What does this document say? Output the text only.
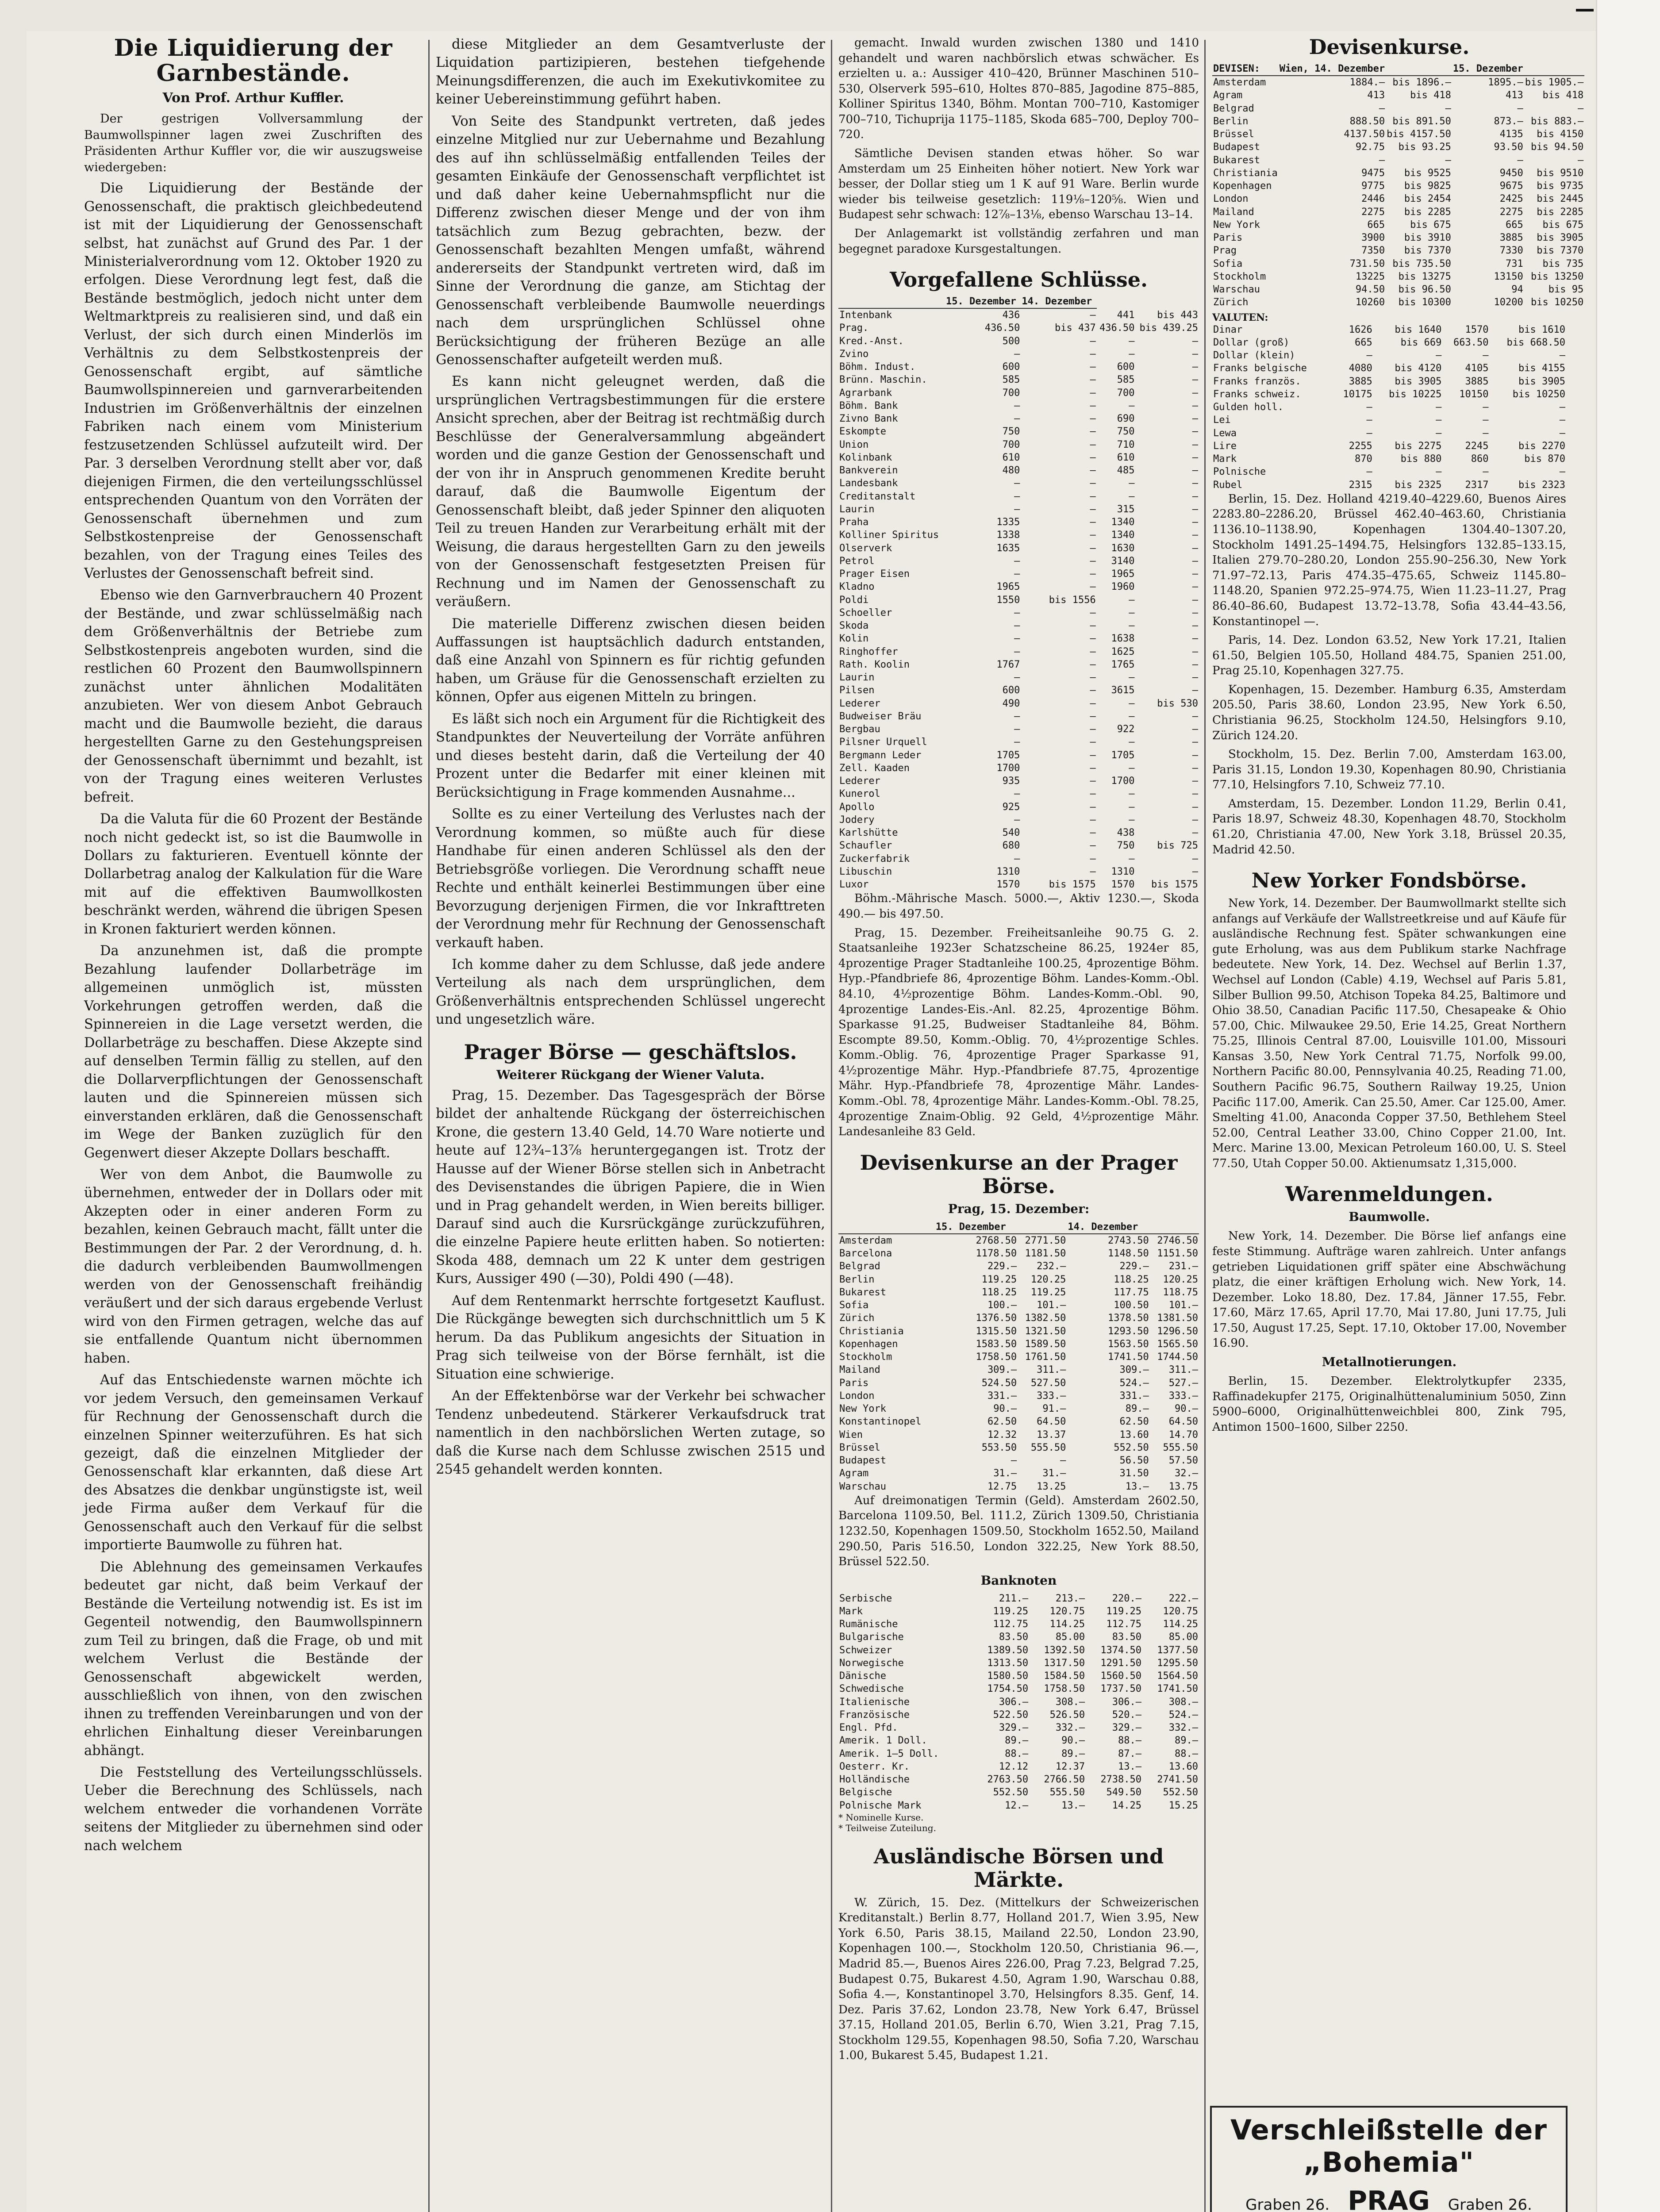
Die Liquidierung der Garnbestände.
Von Prof. Arthur Kuffler.

Der gestrigen Vollversammlung der Baumwollspinner lagen zwei Zuschriften des Präsidenten Arthur Kuffler vor, die wir auszugsweise wiedergeben:

Die Liquidierung der Bestände der Genossenschaft, die praktisch gleichbedeutend ist mit der Liquidierung der Genossenschaft selbst, hat zunächst auf Grund des Par. 1 der Ministerialverordnung vom 12. Oktober 1920 zu erfolgen. Diese Verordnung legt fest, daß die Bestände bestmöglich, jedoch nicht unter dem Weltmarktpreis zu realisieren sind, und daß ein Verlust, der sich durch einen Minderlös im Verhältnis zu dem Selbstkostenpreis der Genossenschaft ergibt, auf sämtliche Baumwollspinnereien und garnverarbeitenden Industrien im Größenverhältnis der einzelnen Fabriken nach einem vom Ministerium festzusetzenden Schlüssel aufzuteilt wird. Der Par. 3 derselben Verordnung stellt aber vor, daß diejenigen Firmen, die den verteilungsschlüssel entsprechenden Quantum von den Vorräten der Genossenschaft übernehmen und zum Selbstkostenpreise der Genossenschaft bezahlen, von der Tragung eines Teiles des Verlustes der Genossenschaft befreit sind.

Ebenso wie den Garnverbrauchern 40 Prozent der Bestände, und zwar schlüsselmäßig nach dem Größenverhältnis der Betriebe zum Selbstkostenpreis angeboten wurden, sind die restlichen 60 Prozent den Baumwollspinnern zunächst unter ähnlichen Modalitäten anzubieten. Wer von diesem Anbot Gebrauch macht und die Baumwolle bezieht, die daraus hergestellten Garne zu den Gestehungspreisen der Genossenschaft übernimmt und bezahlt, ist von der Tragung eines weiteren Verlustes befreit.

Da die Valuta für die 60 Prozent der Bestände noch nicht gedeckt ist, so ist die Baumwolle in Dollars zu fakturieren. Eventuell könnte der Dollarbetrag analog der Kalkulation für die Ware mit auf die effektiven Baumwollkosten beschränkt werden, während die übrigen Spesen in Kronen fakturiert werden können.

Da anzunehmen ist, daß die prompte Bezahlung laufender Dollarbeträge im allgemeinen unmöglich ist, müssten Vorkehrungen getroffen werden, daß die Spinnereien in die Lage versetzt werden, die Dollarbeträge zu beschaffen. Diese Akzepte sind auf denselben Termin fällig zu stellen, auf den die Dollarverpflichtungen der Genossenschaft lauten und die Spinnereien müssen sich einverstanden erklären, daß die Genossenschaft im Wege der Banken zuzüglich für den Gegenwert dieser Akzepte Dollars beschafft.

Wer von dem Anbot, die Baumwolle zu übernehmen, entweder der in Dollars oder mit Akzepten oder in einer anderen Form zu bezahlen, keinen Gebrauch macht, fällt unter die Bestimmungen der Par. 2 der Verordnung, d. h. die dadurch verbleibenden Baumwollmengen werden von der Genossenschaft freihändig veräußert und der sich daraus ergebende Verlust wird von den Firmen getragen, welche das auf sie entfallende Quantum nicht übernommen haben.

Auf das Entschiedenste warnen möchte ich vor jedem Versuch, den gemeinsamen Verkauf für Rechnung der Genossenschaft durch die einzelnen Spinner weiterzuführen. Es hat sich gezeigt, daß die einzelnen Mitglieder der Genossenschaft klar erkannten, daß diese Art des Absatzes die denkbar ungünstigste ist, weil jede Firma außer dem Verkauf für die Genossenschaft auch den Verkauf für die selbst importierte Baumwolle zu führen hat.

Die Ablehnung des gemeinsamen Verkaufes bedeutet gar nicht, daß beim Verkauf der Bestände die Verteilung notwendig ist. Es ist im Gegenteil notwendig, den Baumwollspinnern zum Teil zu bringen, daß die Frage, ob und mit welchem Verlust die Bestände der Genossenschaft abgewickelt werden, ausschließlich von ihnen, von den zwischen ihnen zu treffenden Vereinbarungen und von der ehrlichen Einhaltung dieser Vereinbarungen abhängt.

Die Feststellung des Verteilungsschlüssels. Ueber die Berechnung des Schlüssels, nach welchem entweder die vorhandenen Vorräte seitens der Mitglieder zu übernehmen sind oder nach welchem

diese Mitglieder an dem Gesamtverluste der Liquidation partizipieren, bestehen tiefgehende Meinungsdifferenzen, die auch im Exekutivkomitee zu keiner Uebereinstimmung geführt haben.

Von Seite des Standpunkt vertreten, daß jedes einzelne Mitglied nur zur Uebernahme und Bezahlung des auf ihn schlüsselmäßig entfallenden Teiles der gesamten Einkäufe der Genossenschaft verpflichtet ist und daß daher keine Uebernahmspflicht nur die Differenz zwischen dieser Menge und der von ihm tatsächlich zum Bezug gebrachten, bezw. der Genossenschaft bezahlten Mengen umfaßt, während andererseits der Standpunkt vertreten wird, daß im Sinne der Verordnung die ganze, am Stichtag der Genossenschaft verbleibende Baumwolle neuerdings nach dem ursprünglichen Schlüssel ohne Berücksichtigung der früheren Bezüge an alle Genossenschafter aufgeteilt werden muß.

Es kann nicht geleugnet werden, daß die ursprünglichen Vertragsbestimmungen für die erstere Ansicht sprechen, aber der Beitrag ist rechtmäßig durch Beschlüsse der Generalversammlung abgeändert worden und die ganze Gestion der Genossenschaft und der von ihr in Anspruch genommenen Kredite beruht darauf, daß die Baumwolle Eigentum der Genossenschaft bleibt, daß jeder Spinner den aliquoten Teil zu treuen Handen zur Verarbeitung erhält mit der Weisung, die daraus hergestellten Garn zu den jeweils von der Genossenschaft festgesetzten Preisen für Rechnung und im Namen der Genossenschaft zu veräußern.

Die materielle Differenz zwischen diesen beiden Auffassungen ist hauptsächlich dadurch entstanden, daß eine Anzahl von Spinnern es für richtig gefunden haben, um Gräuse für die Genossenschaft erzielten zu können, Opfer aus eigenen Mitteln zu bringen.

Es läßt sich noch ein Argument für die Richtigkeit des Standpunktes der Neuverteilung der Vorräte anführen und dieses besteht darin, daß die Verteilung der 40 Prozent unter die Bedarfer mit einer kleinen mit Berücksichtigung in Frage kommenden Ausnahme...

Sollte es zu einer Verteilung des Verlustes nach der Verordnung kommen, so müßte auch für diese Handhabe für einen anderen Schlüssel als den der Betriebsgröße vorliegen. Die Verordnung schafft neue Rechte und enthält keinerlei Bestimmungen über eine Bevorzugung derjenigen Firmen, die vor Inkrafttreten der Verordnung mehr für Rechnung der Genossenschaft verkauft haben.

Ich komme daher zu dem Schlusse, daß jede andere Verteilung als nach dem ursprünglichen, dem Größenverhältnis entsprechenden Schlüssel ungerecht und ungesetzlich wäre.

Prager Börse — geschäftslos.
Weiterer Rückgang der Wiener Valuta.

Prag, 15. Dezember. Das Tagesgespräch der Börse bildet der anhaltende Rückgang der österreichischen Krone, die gestern 13.40 Geld, 14.70 Ware notierte und heute auf 12¾–13⅞ heruntergegangen ist. Trotz der Hausse auf der Wiener Börse stellen sich in Anbetracht des Devisenstandes die übrigen Papiere, die in Wien und in Prag gehandelt werden, in Wien bereits billiger. Darauf sind auch die Kursrückgänge zurückzuführen, die einzelne Papiere heute erlitten haben. So notierten: Skoda 488, demnach um 22 K unter dem gestrigen Kurs, Aussiger 490 (—30), Poldi 490 (—48).

Auf dem Rentenmarkt herrschte fortgesetzt Kauflust. Die Rückgänge bewegten sich durchschnittlich um 5 K herum. Da das Publikum angesichts der Situation in Prag sich teilweise von der Börse fernhält, ist die Situation eine schwierige.

An der Effektenbörse war der Verkehr bei schwacher Tendenz unbedeutend. Stärkerer Verkaufsdruck trat namentlich in den nachbörslichen Werten zutage, so daß die Kurse nach dem Schlusse zwischen 2515 und 2545 gehandelt werden konnten.

gemacht. Inwald wurden zwischen 1380 und 1410 gehandelt und waren nachbörslich etwas schwächer. Es erzielten u. a.: Aussiger 410–420, Brünner Maschinen 510–530, Olserverk 595–610, Holtes 870–885, Jagodine 875–885, Kolliner Spiritus 1340, Böhm. Montan 700–710, Kastomiger 700–710, Tichuprija 1175–1185, Skoda 685–700, Deploy 700–720.

Sämtliche Devisen standen etwas höher. So war Amsterdam um 25 Einheiten höher notiert. New York war besser, der Dollar stieg um 1 K auf 91 Ware. Berlin wurde wieder bis teilweise gesetzlich: 119⅛–120⅝. Wien und Budapest sehr schwach: 12⅞–13⅛, ebenso Warschau 13–14.

Der Anlagemarkt ist vollständig zerfahren und man begegnet paradoxe Kursgestaltungen.

Vorgefallene Schlüsse.
	15. Dezember	14. Dezember		
Intenbank	436	—	441	bis 443
Prag.	436.50	bis 437	436.50	bis 439.25
Kred.-Anst.	500	—	—	—
Zvino	—	—	—	—
Böhm. Indust.	600	—	600	—
Brünn. Maschin.	585	—	585	—
Agrarbank	700	—	700	—
Böhm. Bank	—	—	—	—
Zivno Bank	—	—	690	—
Eskompte	750	—	750	—
Union	700	—	710	—
Kolinbank	610	—	610	—
Bankverein	480	—	485	—
Landesbank	—	—	—	—
Creditanstalt	—	—	—	—
Laurin	—	—	315	—
Praha	1335	—	1340	—
Kolliner Spiritus	1338	—	1340	—
Olserverk	1635	—	1630	—
Petrol	—	—	3140	—
Prager Eisen	—	—	1965	—
Kladno	1965	—	1960	—
Poldi	1550	bis 1556	—	—
Schoeller	—	—	—	—
Skoda	—	—	—	—
Kolin	—	—	1638	—
Ringhoffer	—	—	1625	—
Rath. Koolin	1767	—	1765	—
Laurin	—	—	—	—
Pilsen	600	—	3615	—
Lederer	490	—	—	bis 530
Budweiser Bräu	—	—	—	—
Bergbau	—	—	922	—
Pilsner Urquell	—	—	—	—
Bergmann Leder	1705	—	1705	—
Zell. Kaaden	1700	—	—	—
Lederer	935	—	1700	—
Kunerol	—	—	—	—
Apollo	925	—	—	—
Jodery	—	—	—	—
Karlshütte	540	—	438	—
Schaufler	680	—	750	bis 725
Zuckerfabrik	—	—	—	—
Libuschin	1310	—	1310	—
Luxor	1570	bis 1575	1570	bis 1575

Böhm.-Mährische Masch. 5000.—, Aktiv 1230.—, Skoda 490.— bis 497.50.

Prag, 15. Dezember. Freiheitsanleihe 90.75 G. 2. Staatsanleihe 1923er Schatzscheine 86.25, 1924er 85, 4prozentige Prager Stadtanleihe 100.25, 4prozentige Böhm. Hyp.-Pfandbriefe 86, 4prozentige Böhm. Landes-Komm.-Obl. 84.10, 4½prozentige Böhm. Landes-Komm.-Obl. 90, 4prozentige Landes-Eis.-Anl. 82.25, 4prozentige Böhm. Sparkasse 91.25, Budweiser Stadtanleihe 84, Böhm. Escompte 89.50, Komm.-Oblig. 70, 4½prozentige Schles. Komm.-Oblig. 76, 4prozentige Prager Sparkasse 91, 4½prozentige Mähr. Hyp.-Pfandbriefe 87.75, 4prozentige Mähr. Hyp.-Pfandbriefe 78, 4prozentige Mähr. Landes-Komm.-Obl. 78, 4prozentige Mähr. Landes-Komm.-Obl. 78.25, 4prozentige Znaim-Oblig. 92 Geld, 4½prozentige Mähr. Landesanleihe 83 Geld.

Devisenkurse an der Prager Börse.
Prag, 15. Dezember:
	15. Dezember		14. Dezember	
Amsterdam	2768.50	2771.50	2743.50	2746.50
Barcelona	1178.50	1181.50	1148.50	1151.50
Belgrad	229.—	232.—	229.—	231.—
Berlin	119.25	120.25	118.25	120.25
Bukarest	118.25	119.25	117.75	118.75
Sofia	100.—	101.—	100.50	101.—
Zürich	1376.50	1382.50	1378.50	1381.50
Christiania	1315.50	1321.50	1293.50	1296.50
Kopenhagen	1583.50	1589.50	1563.50	1565.50
Stockholm	1758.50	1761.50	1741.50	1744.50
Mailand	309.—	311.—	309.—	311.—
Paris	524.50	527.50	524.—	527.—
London	331.—	333.—	331.—	333.—
New York	90.—	91.—	89.—	90.—
Konstantinopel	62.50	64.50	62.50	64.50
Wien	12.32	13.37	13.60	14.70
Brüssel	553.50	555.50	552.50	555.50
Budapest	—	—	56.50	57.50
Agram	31.—	31.—	31.50	32.—
Warschau	12.75	13.25	13.—	13.75

Auf dreimonatigen Termin (Geld). Amsterdam 2602.50, Barcelona 1109.50, Bel. 111.2, Zürich 1309.50, Christiania 1232.50, Kopenhagen 1509.50, Stockholm 1652.50, Mailand 290.50, Paris 516.50, London 322.25, New York 88.50, Brüssel 522.50.

Banknoten
Serbische	211.—	213.—	220.—	222.—
Mark	119.25	120.75	119.25	120.75
Rumänische	112.75	114.25	112.75	114.25
Bulgarische	83.50	85.00	83.50	85.00
Schweizer	1389.50	1392.50	1374.50	1377.50
Norwegische	1313.50	1317.50	1291.50	1295.50
Dänische	1580.50	1584.50	1560.50	1564.50
Schwedische	1754.50	1758.50	1737.50	1741.50
Italienische	306.—	308.—	306.—	308.—
Französische	522.50	526.50	520.—	524.—
Engl. Pfd.	329.—	332.—	329.—	332.—
Amerik. 1 Doll.	89.—	90.—	88.—	89.—
Amerik. 1–5 Doll.	88.—	89.—	87.—	88.—
Oesterr. Kr.	12.12	12.37	13.—	13.60
Holländische	2763.50	2766.50	2738.50	2741.50
Belgische	552.50	555.50	549.50	552.50
Polnische Mark	12.—	13.—	14.25	15.25
* Nominelle Kurse.
* Teilweise Zuteilung.
Ausländische Börsen und Märkte.

W. Zürich, 15. Dez. (Mittelkurs der Schweizerischen Kreditanstalt.) Berlin 8.77, Holland 201.7, Wien 3.95, New York 6.50, Paris 38.15, Mailand 22.50, London 23.90, Kopenhagen 100.—, Stockholm 120.50, Christiania 96.—, Madrid 85.—, Buenos Aires 226.00, Prag 7.23, Belgrad 7.25, Budapest 0.75, Bukarest 4.50, Agram 1.90, Warschau 0.88, Sofia 4.—, Konstantinopel 3.70, Helsingfors 8.35. Genf, 14. Dez. Paris 37.62, London 23.78, New York 6.47, Brüssel 37.15, Holland 201.05, Berlin 6.70, Wien 3.21, Prag 7.15, Stockholm 129.55, Kopenhagen 98.50, Sofia 7.20, Warschau 1.00, Bukarest 5.45, Budapest 1.21.

Devisenkurse.
DEVISEN:	Wien, 14. Dezember		15. Dezember	
Amsterdam	1884.—	bis 1896.—	1895.—	bis 1905.—
Agram	413	bis 418	413	bis 418
Belgrad	—	—	—	—
Berlin	888.50	bis 891.50	873.—	bis 883.—
Brüssel	4137.50	bis 4157.50	4135	bis 4150
Budapest	92.75	bis 93.25	93.50	bis 94.50
Bukarest	—	—	—	—
Christiania	9475	bis 9525	9450	bis 9510
Kopenhagen	9775	bis 9825	9675	bis 9735
London	2446	bis 2454	2425	bis 2445
Mailand	2275	bis 2285	2275	bis 2285
New York	665	bis 675	665	bis 675
Paris	3900	bis 3910	3885	bis 3905
Prag	7350	bis 7370	7330	bis 7370
Sofia	731.50	bis 735.50	731	bis 735
Stockholm	13225	bis 13275	13150	bis 13250
Warschau	94.50	bis 96.50	94	bis 95
Zürich	10260	bis 10300	10200	bis 10250
VALUTEN:
Dinar	1626	bis 1640	1570	bis 1610
Dollar (groß)	665	bis 669	663.50	bis 668.50
Dollar (klein)	—	—	—	—
Franks belgische	4080	bis 4120	4105	bis 4155
Franks französ.	3885	bis 3905	3885	bis 3905
Franks schweiz.	10175	bis 10225	10150	bis 10250
Gulden holl.	—	—	—	—
Lei	—	—	—	—
Lewa	—	—	—	—
Lire	2255	bis 2275	2245	bis 2270
Mark	870	bis 880	860	bis 870
Polnische	—	—	—	—
Rubel	2315	bis 2325	2317	bis 2323

Berlin, 15. Dez. Holland 4219.40–4229.60, Buenos Aires 2283.80–2286.20, Brüssel 462.40–463.60, Christiania 1136.10–1138.90, Kopenhagen 1304.40–1307.20, Stockholm 1491.25–1494.75, Helsingfors 132.85–133.15, Italien 279.70–280.20, London 255.90–256.30, New York 71.97–72.13, Paris 474.35–475.65, Schweiz 1145.80–1148.20, Spanien 972.25–974.75, Wien 11.23–11.27, Prag 86.40–86.60, Budapest 13.72–13.78, Sofia 43.44–43.56, Konstantinopel —.

Paris, 14. Dez. London 63.52, New York 17.21, Italien 61.50, Belgien 105.50, Holland 484.75, Spanien 251.00, Prag 25.10, Kopenhagen 327.75.

Kopenhagen, 15. Dezember. Hamburg 6.35, Amsterdam 205.50, Paris 38.60, London 23.95, New York 6.50, Christiania 96.25, Stockholm 124.50, Helsingfors 9.10, Zürich 124.20.

Stockholm, 15. Dez. Berlin 7.00, Amsterdam 163.00, Paris 31.15, London 19.30, Kopenhagen 80.90, Christiania 77.10, Helsingfors 7.10, Schweiz 77.10.

Amsterdam, 15. Dezember. London 11.29, Berlin 0.41, Paris 18.97, Schweiz 48.30, Kopenhagen 48.70, Stockholm 61.20, Christiania 47.00, New York 3.18, Brüssel 20.35, Madrid 42.50.

New Yorker Fondsbörse.

New York, 14. Dezember. Der Baumwollmarkt stellte sich anfangs auf Verkäufe der Wallstreetkreise und auf Käufe für ausländische Rechnung fest. Später schwankungen eine gute Erholung, was aus dem Publikum starke Nachfrage bedeutete. New York, 14. Dez. Wechsel auf Berlin 1.37, Wechsel auf London (Cable) 4.19, Wechsel auf Paris 5.81, Silber Bullion 99.50, Atchison Topeka 84.25, Baltimore und Ohio 38.50, Canadian Pacific 117.50, Chesapeake & Ohio 57.00, Chic. Milwaukee 29.50, Erie 14.25, Great Northern 75.25, Illinois Central 87.00, Louisville 101.00, Missouri Kansas 3.50, New York Central 71.75, Norfolk 99.00, Northern Pacific 80.00, Pennsylvania 40.25, Reading 71.00, Southern Pacific 96.75, Southern Railway 19.25, Union Pacific 117.00, Amerik. Can 25.50, Amer. Car 125.00, Amer. Smelting 41.00, Anaconda Copper 37.50, Bethlehem Steel 52.00, Central Leather 33.00, Chino Copper 21.00, Int. Merc. Marine 13.00, Mexican Petroleum 160.00, U. S. Steel 77.50, Utah Copper 50.00. Aktienumsatz 1,315,000.

Warenmeldungen.
Baumwolle.

New York, 14. Dezember. Die Börse lief anfangs eine feste Stimmung. Aufträge waren zahlreich. Unter anfangs getrieben Liquidationen griff später eine Abschwächung platz, die einer kräftigen Erholung wich. New York, 14. Dezember. Loko 18.80, Dez. 17.84, Jänner 17.55, Febr. 17.60, März 17.65, April 17.70, Mai 17.80, Juni 17.75, Juli 17.50, August 17.25, Sept. 17.10, Oktober 17.00, November 16.90.

Metallnotierungen.

Berlin, 15. Dezember. Elektrolytkupfer 2335, Raffinadekupfer 2175, Originalhüttenaluminium 5050, Zinn 5900–6000, Originalhüttenweichblei 800, Zink 795, Antimon 1500–1600, Silber 2250.

Verschleißstelle der „Bohemia"
Graben 26. PRAG Graben 26.
